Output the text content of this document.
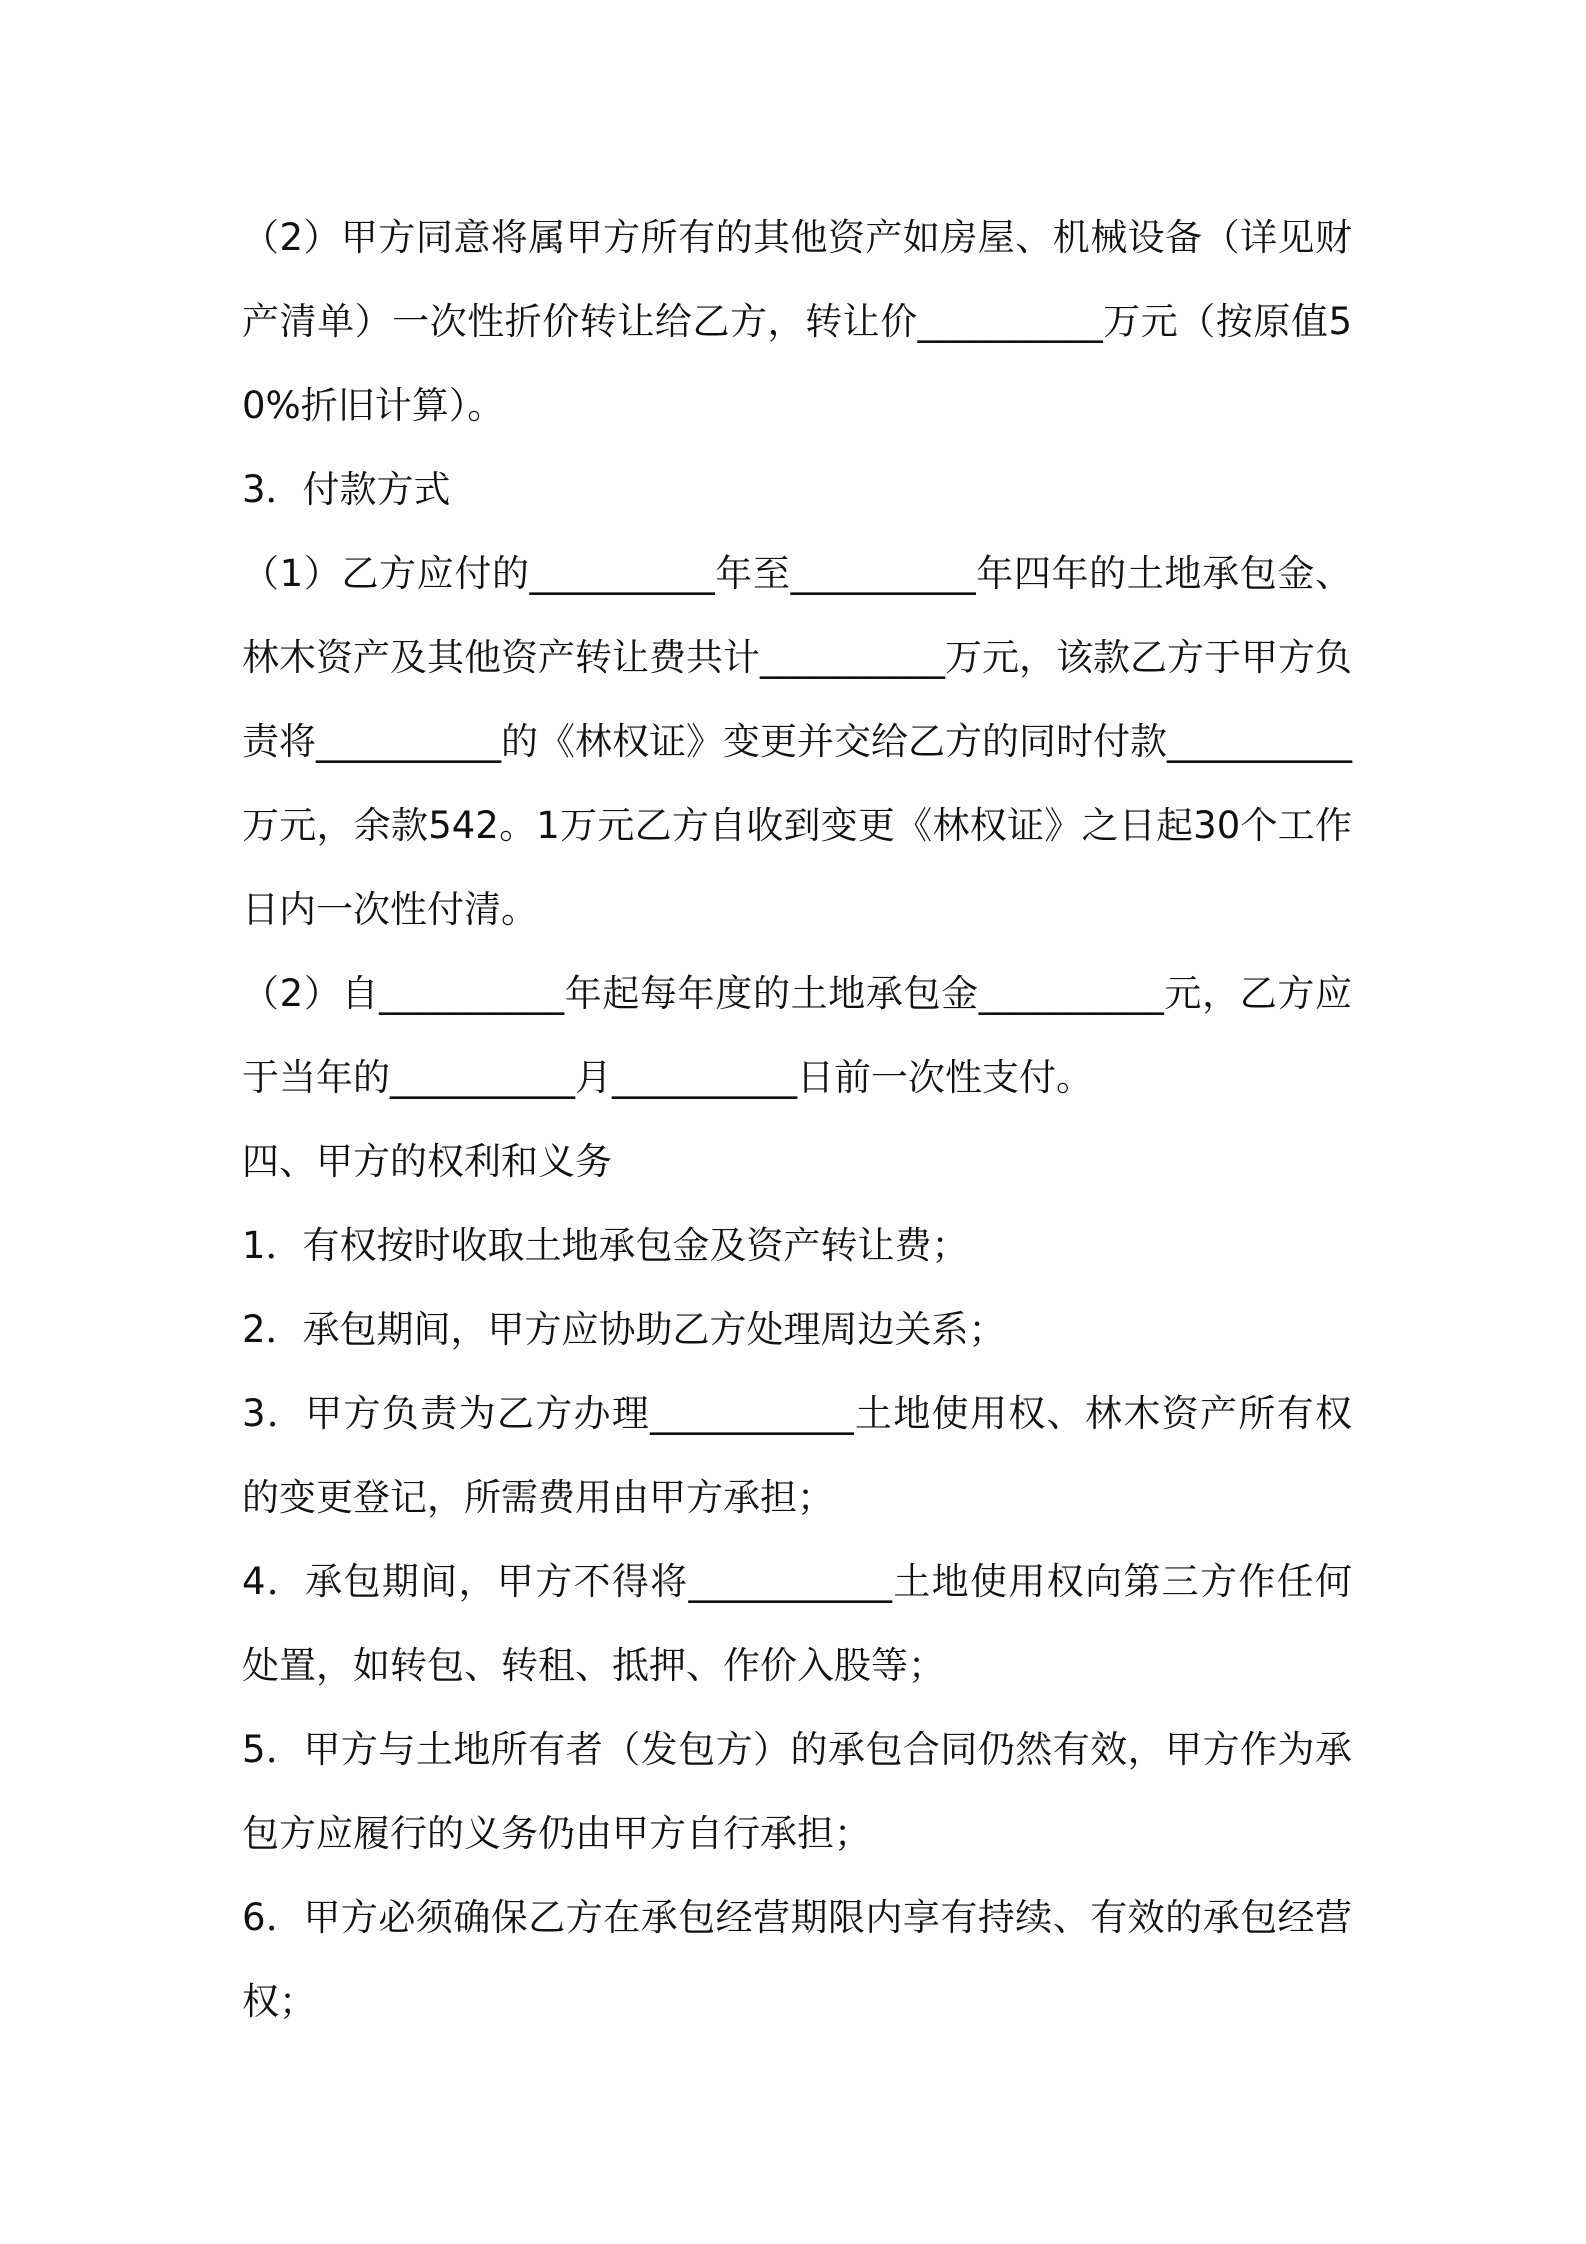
（2）甲方同意将属甲方所有的其他资产如房屋、机械设备（详见财产清单）一次性折价转让给乙方，转让价__________万元（按原值50%折旧计算）。

3．付款方式

（1）乙方应付的__________年至__________年四年的土地承包金、林木资产及其他资产转让费共计__________万元，该款乙方于甲方负责将__________的《林权证》变更并交给乙方的同时付款__________万元，余款542。1万元乙方自收到变更《林权证》之日起30个工作日内一次性付清。

（2）自__________年起每年度的土地承包金__________元，乙方应于当年的__________月__________日前一次性支付。

四、甲方的权利和义务

1．有权按时收取土地承包金及资产转让费；

2．承包期间，甲方应协助乙方处理周边关系；

3．甲方负责为乙方办理___________土地使用权、林木资产所有权的变更登记，所需费用由甲方承担；

4．承包期间，甲方不得将___________土地使用权向第三方作任何处置，如转包、转租、抵押、作价入股等；

5．甲方与土地所有者（发包方）的承包合同仍然有效，甲方作为承包方应履行的义务仍由甲方自行承担；

6．甲方必须确保乙方在承包经营期限内享有持续、有效的承包经营权；
